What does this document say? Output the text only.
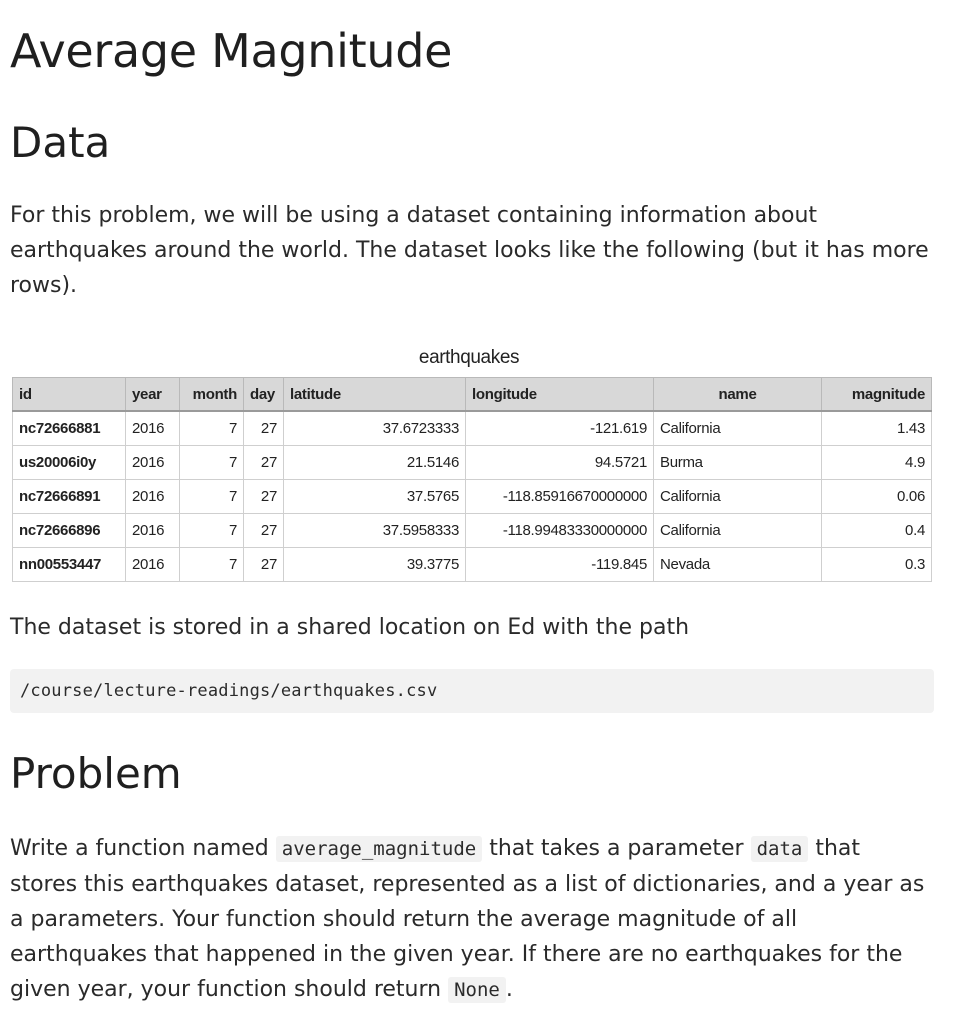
Average Magnitude
Data

For this problem, we will be using a dataset containing information about earthquakes around the world. The dataset looks like the following (but it has more rows).

earthquakes
id	year	month	day	latitude	longitude	name	magnitude
nc72666881	2016	7	27	37.6723333	-121.619	California	1.43
us20006i0y	2016	7	27	21.5146	94.5721	Burma	4.9
nc72666891	2016	7	27	37.5765	-118.85916670000000	California	0.06
nc72666896	2016	7	27	37.5958333	-118.99483330000000	California	0.4
nn00553447	2016	7	27	39.3775	-119.845	Nevada	0.3

The dataset is stored in a shared location on Ed with the path

/course/lecture-readings/earthquakes.csv
Problem

Write a function named average_magnitude that takes a parameter data that stores this earthquakes dataset, represented as a list of dictionaries, and a year as a parameters. Your function should return the average magnitude of all earthquakes that happened in the given year. If there are no earthquakes for the given year, your function should return None .
